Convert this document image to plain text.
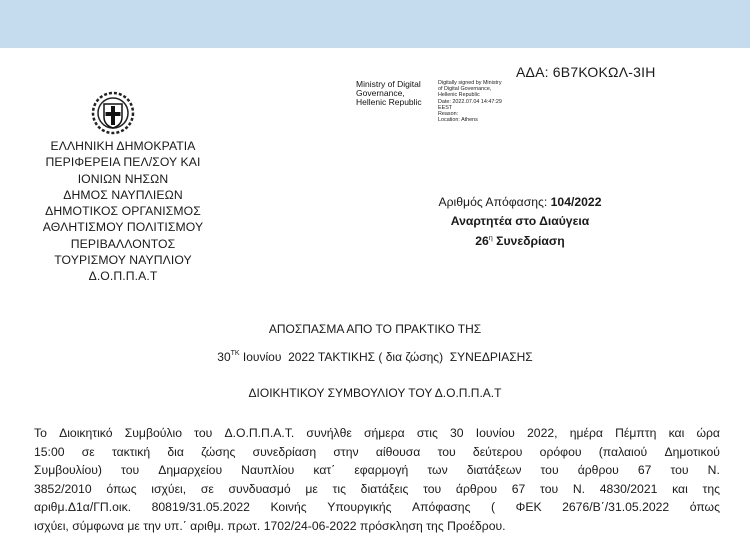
ΑΔΑ: 6Β7ΚΟΚΩΛ-3ΙΗ
Ministry of Digital
Governance,
Hellenic Republic
Digitally signed by Ministry
of Digital Governance,
Hellenic Republic
Date: 2022.07.04 14:47:29
EEST
Reason:
Location: Athens
ΕΛΛΗΝΙΚΗ ΔΗΜΟΚΡΑΤΙΑ
ΠΕΡΙΦΕΡΕΙΑ ΠΕΛ/ΣΟΥ ΚΑΙ
ΙΟΝΙΩΝ ΝΗΣΩΝ
ΔΗΜΟΣ ΝΑΥΠΛΙΕΩΝ
ΔΗΜΟΤΙΚΟΣ ΟΡΓΑΝΙΣΜΟΣ
ΑΘΛΗΤΙΣΜΟΥ ΠΟΛΙΤΙΣΜΟΥ
ΠΕΡΙΒΑΛΛΟΝΤΟΣ
ΤΟΥΡΙΣΜΟΥ ΝΑΥΠΛΙΟΥ
Δ.Ο.Π.Π.Α.Τ
Αριθμός Απόφασης: 104/2022
Αναρτητέα στο Διαύγεια
$26^\eta$ Συνεδρίαση
ΑΠΟΣΠΑΣΜΑ ΑΠΟ ΤΟ ΠΡΑΚΤΙΚΟ ΤΗΣ
$30^{TK}$ Ιουνίου  2022 ΤΑΚΤΙΚΗΣ ( δια ζώσης)  ΣΥΝΕΔΡΙΑΣΗΣ
ΔΙΟΙΚΗΤΙΚΟΥ ΣΥΜΒΟΥΛΙΟΥ ΤΟΥ Δ.Ο.Π.Π.Α.Τ
Το Διοικητικό Συμβούλιο του Δ.Ο.Π.Π.Α.Τ. συνήλθε σήμερα στις 30 Ιουνίου 2022, ημέρα Πέμπτη και ώρα
15:00 σε τακτική δια ζώσης συνεδρίαση στην αίθουσα του δεύτερου ορόφου (παλαιού Δημοτικού
Συμβουλίου) του Δημαρχείου Ναυπλίου κατ΄ εφαρμογή των διατάξεων του άρθρου 67 του Ν.
3852/2010 όπως ισχύει, σε συνδυασμό με τις διατάξεις του άρθρου 67 του Ν. 4830/2021 και της
αριθμ.Δ1α/ΓΠ.οικ. 80819/31.05.2022 Κοινής Υπουργικής Απόφασης ( ΦΕΚ 2676/Β΄/31.05.2022 όπως
ισχύει, σύμφωνα με την υπ.΄ αριθμ. πρωτ. 1702/24-06-2022 πρόσκληση της Προέδρου.
